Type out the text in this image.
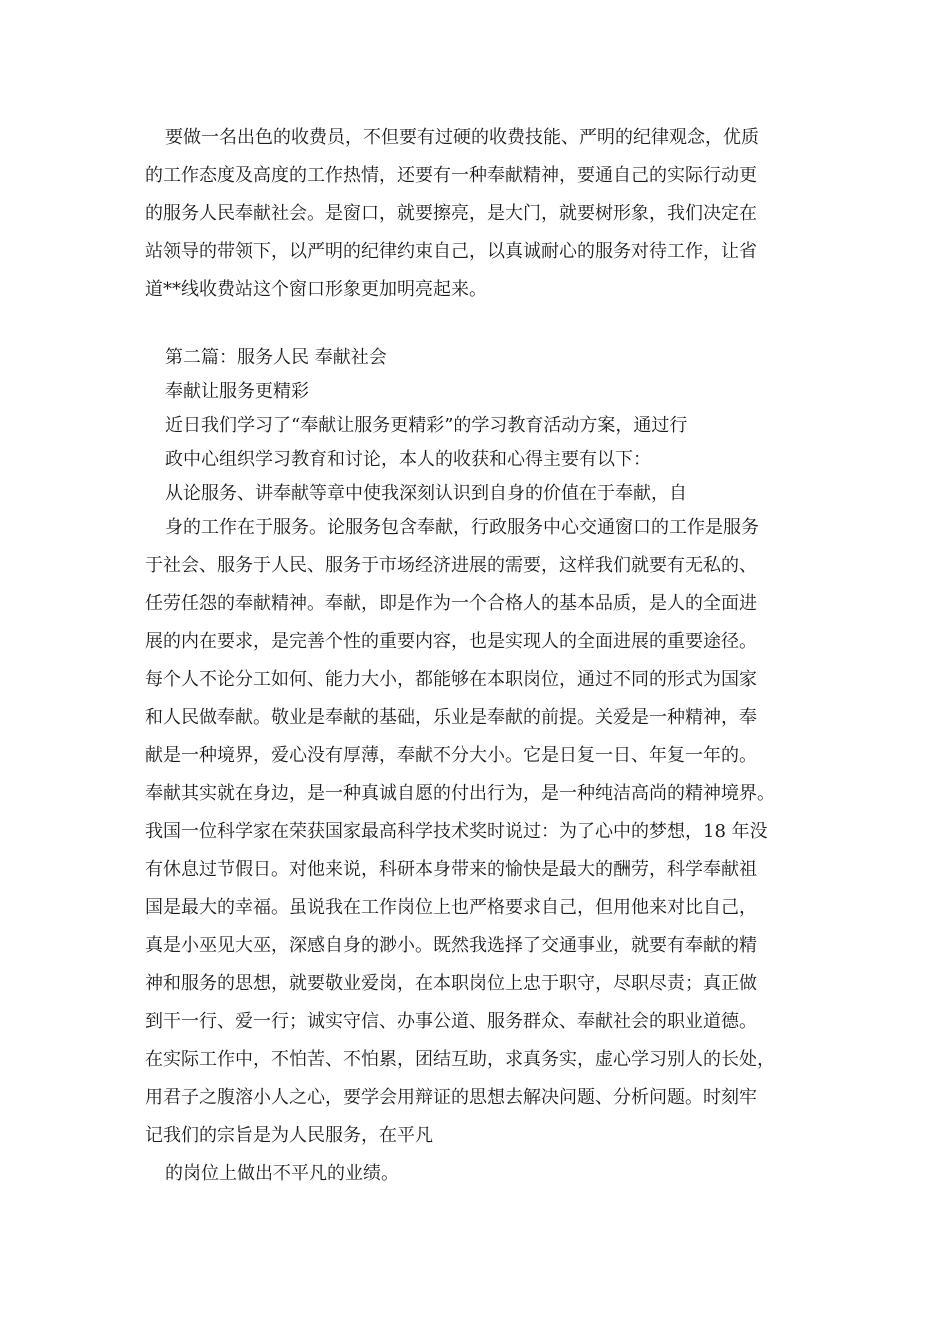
要做一名出色的收费员，不但要有过硬的收费技能、严明的纪律观念，优质

的工作态度及高度的工作热情，还要有一种奉献精神，要通自己的实际行动更

的服务人民奉献社会。是窗口，就要擦亮，是大门，就要树形象，我们决定在

站领导的带领下，以严明的纪律约束自己，以真诚耐心的服务对待工作，让省

道**线收费站这个窗口形象更加明亮起来。

第二篇：服务人民 奉献社会

奉献让服务更精彩

近日我们学习了“奉献让服务更精彩”的学习教育活动方案，通过行

政中心组织学习教育和讨论，本人的收获和心得主要有以下：

从论服务、讲奉献等章中使我深刻认识到自身的价值在于奉献，自

身的工作在于服务。论服务包含奉献，行政服务中心交通窗口的工作是服务

于社会、服务于人民、服务于市场经济进展的需要，这样我们就要有无私的、

任劳任怨的奉献精神。奉献，即是作为一个合格人的基本品质，是人的全面进

展的内在要求，是完善个性的重要内容，也是实现人的全面进展的重要途径。

每个人不论分工如何、能力大小，都能够在本职岗位，通过不同的形式为国家

和人民做奉献。敬业是奉献的基础，乐业是奉献的前提。关爱是一种精神，奉

献是一种境界，爱心没有厚薄，奉献不分大小。它是日复一日、年复一年的。

奉献其实就在身边，是一种真诚自愿的付出行为，是一种纯洁高尚的精神境界。

我国一位科学家在荣获国家最高科学技术奖时说过：为了心中的梦想，18 年没

有休息过节假日。对他来说，科研本身带来的愉快是最大的酬劳，科学奉献祖

国是最大的幸福。虽说我在工作岗位上也严格要求自己，但用他来对比自己，

真是小巫见大巫，深感自身的渺小。既然我选择了交通事业，就要有奉献的精

神和服务的思想，就要敬业爱岗，在本职岗位上忠于职守，尽职尽责；真正做

到干一行、爱一行；诚实守信、办事公道、服务群众、奉献社会的职业道德。

在实际工作中，不怕苦、不怕累，团结互助，求真务实，虚心学习别人的长处，

用君子之腹溶小人之心，要学会用辩证的思想去解决问题、分析问题。时刻牢

记我们的宗旨是为人民服务，在平凡

的岗位上做出不平凡的业绩。
